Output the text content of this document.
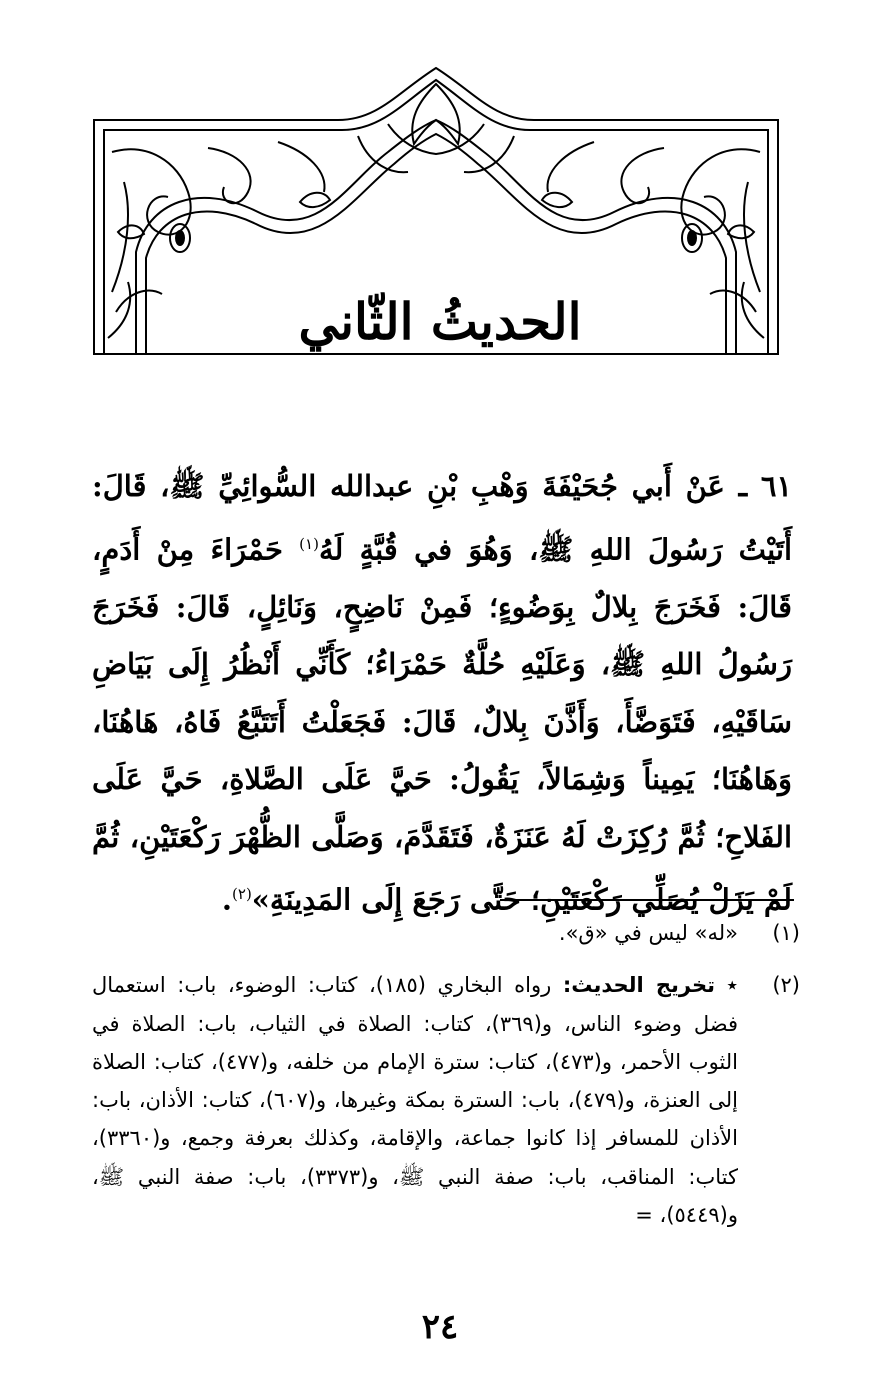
الحديثُ الثّاني

٦١ ـ عَنْ أَبي جُحَيْفَةَ وَهْبِ بْنِ عبدالله السُّوائِيِّ ﷺ، قَالَ: أَتَيْتُ رَسُولَ اللهِ ﷺ، وَهُوَ في قُبَّةٍ لَهُ$^{(١)}$ حَمْرَاءَ مِنْ أَدَمٍ، قَالَ: فَخَرَجَ بِلالٌ بِوَضُوءٍ؛ فَمِنْ نَاضِحٍ، وَنَائِلٍ، قَالَ: فَخَرَجَ رَسُولُ اللهِ ﷺ، وَعَلَيْهِ حُلَّةٌ حَمْرَاءُ؛ كَأَنِّي أَنْظُرُ إِلَى بَيَاضِ سَاقَيْهِ، فَتَوَضَّأَ، وَأَذَّنَ بِلالٌ، قَالَ: فَجَعَلْتُ أَتَتَبَّعُ فَاهُ، هَاهُنَا، وَهَاهُنَا؛ يَمِيناً وَشِمَالاً، يَقُولُ: حَيَّ عَلَى الصَّلاةِ، حَيَّ عَلَى الفَلاحِ؛ ثُمَّ رُكِزَتْ لَهُ عَنَزَةٌ، فَتَقَدَّمَ، وَصَلَّى الظُّهْرَ رَكْعَتَيْنِ، ثُمَّ لَمْ يَزَلْ يُصَلِّي رَكْعَتَيْنِ؛ حَتَّى رَجَعَ إِلَى المَدِينَةِ»$^{(٢)}$.

(١)
«له» ليس في «ق».
(٢)
٭ تخريج الحديث: رواه البخاري (١٨٥)، كتاب: الوضوء، باب: استعمال فضل وضوء الناس، و(٣٦٩)، كتاب: الصلاة في الثياب، باب: الصلاة في الثوب الأحمر، و(٤٧٣)، كتاب: سترة الإمام من خلفه، و(٤٧٧)، كتاب: الصلاة إلى العنزة، و(٤٧٩)، باب: السترة بمكة وغيرها، و(٦٠٧)، كتاب: الأذان، باب: الأذان للمسافر إذا كانوا جماعة، والإقامة، وكذلك بعرفة وجمع، و(٣٣٦٠)، كتاب: المناقب، باب: صفة النبي ﷺ، و(٣٣٧٣)، باب: صفة النبي ﷺ، و(٥٤٤٩)، =
٢٤
